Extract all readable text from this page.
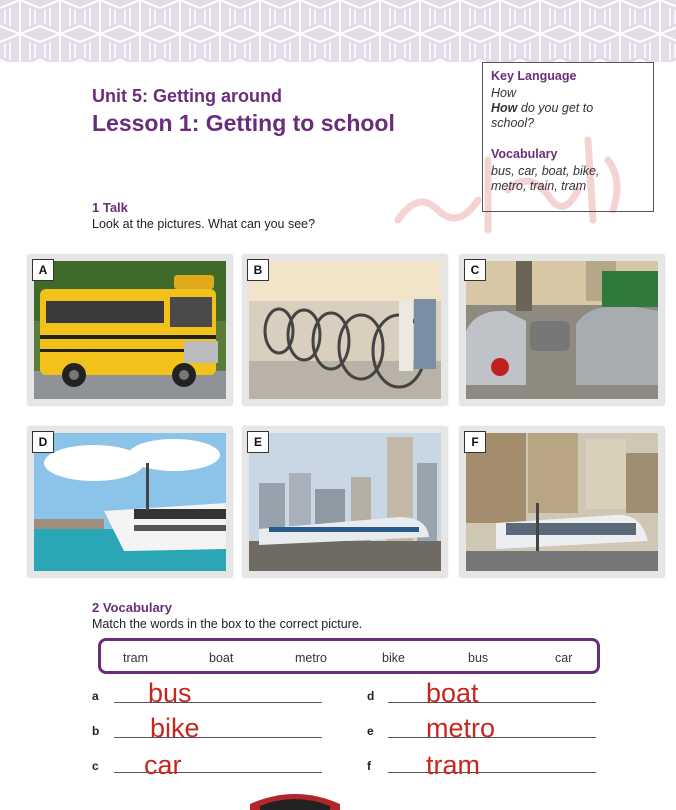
Unit 5: Getting around
Lesson 1: Getting to school
Key Language
How
How do you get to
school?
Vocabulary
bus, car, boat, bike,
metro, train, tram
1 Talk
Look at the pictures. What can you see?
A	B	C
D	E	F
2 Vocabulary
Match the words in the box to the correct picture.
tram	boat	metro	bike	bus	car
a bus
b bike
c car
d boat
e metro
f tram
